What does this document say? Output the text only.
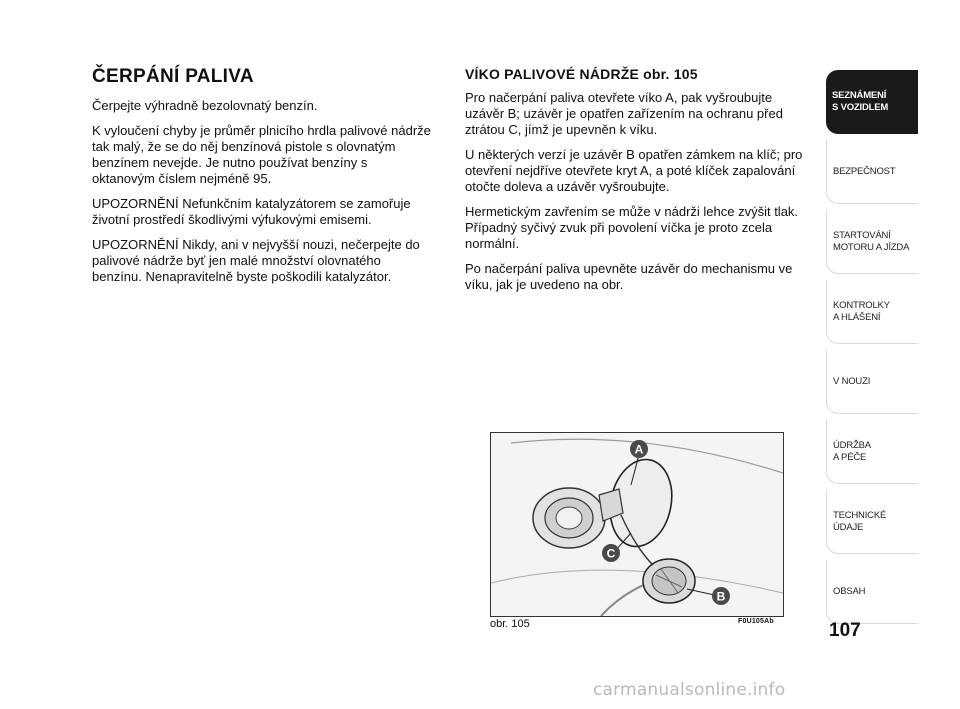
ČERPÁNÍ PALIVA

Čerpejte výhradně bezolovnatý benzín.

K vyloučení chyby je průměr plnicího hrdla palivové nádrže tak malý, že se do něj benzínová pistole s olovnatým benzínem nevejde. Je nutno používat benzíny s oktanovým číslem nejméně 95.

UPOZORNĚNÍ Nefunkčním katalyzátorem se zamořuje životní prostředí škodlivými výfukovými emisemi.

UPOZORNĚNÍ Nikdy, ani v nejvyšší nouzi, nečerpejte do palivové nádrže byť jen malé množství olovnatého benzínu. Nenapravitelně byste poškodili katalyzátor.

VÍKO PALIVOVÉ NÁDRŽE obr. 105

Pro načerpání paliva otevřete víko A, pak vyšroubujte uzávěr B; uzávěr je opatřen zařízením na ochranu před ztrátou C, jímž je upevněn k víku.

U některých verzí je uzávěr B opatřen zámkem na klíč; pro otevření nejdříve otevřete kryt A, a poté klíček zapalování otočte doleva a uzávěr vyšroubujte.

Hermetickým zavřením se může v nádrži lehce zvýšit tlak. Případný syčivý zvuk při povolení víčka je proto zcela normální.

Po načerpání paliva upevněte uzávěr do mechanismu ve víku, jak je uvedeno na obr.

A
C
B
obr. 105	F0U105Ab
SEZNÁMENÍ
S VOZIDLEM
BEZPEČNOST
STARTOVÁNÍ
MOTORU A JÍZDA
KONTROLKY
A HLÁŠENÍ
V NOUZI
ÚDRŽBA
A PÉČE
TECHNICKÉ
ÚDAJE
OBSAH
107
carmanualsonline.info
